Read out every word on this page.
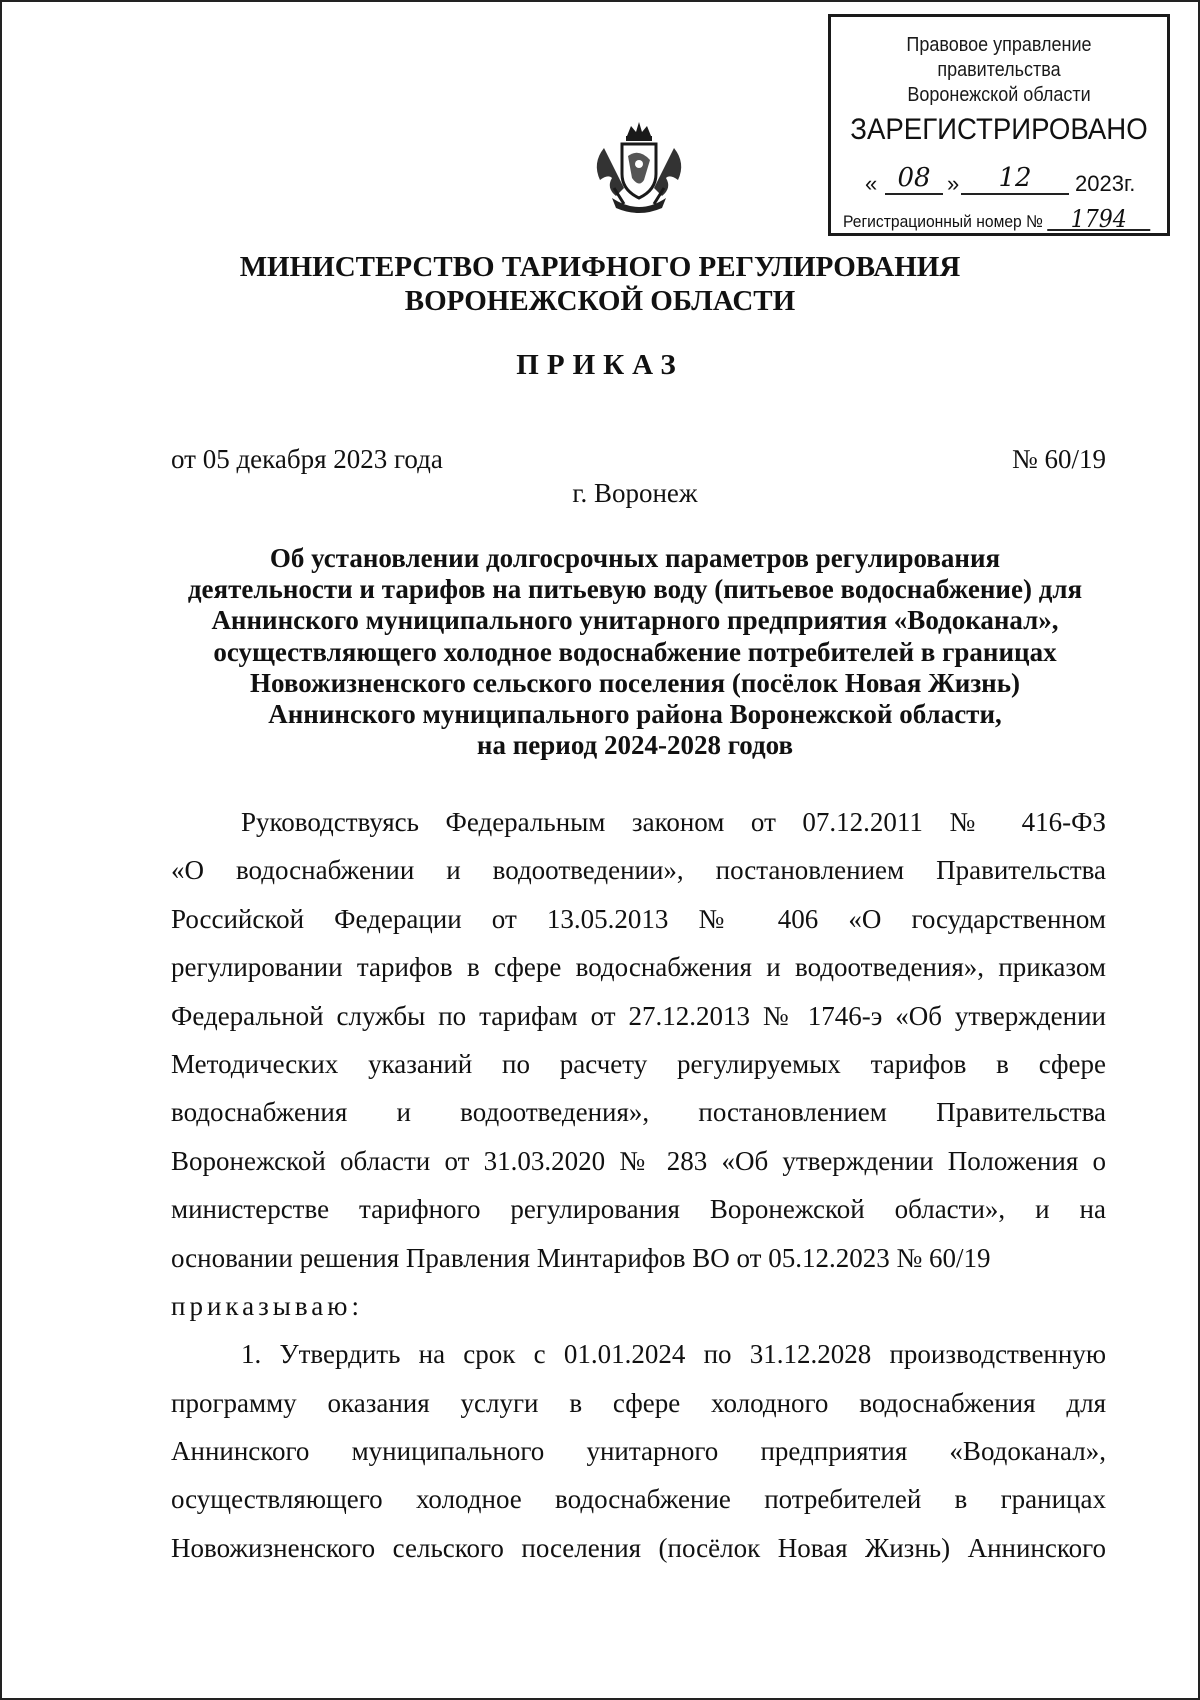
Правовое управление правительства
Воронежской области
ЗАРЕГИСТРИРОВАНО
« 08 »	12	2023г.
Регистрационный номер № 1794
МИНИСТЕРСТВО ТАРИФНОГО РЕГУЛИРОВАНИЯ
ВОРОНЕЖСКОЙ ОБЛАСТИ
ПРИКАЗ
от 05 декабря 2023 года	№ 60/19
г. Воронеж
Об установлении долгосрочных параметров регулирования
деятельности и тарифов на питьевую воду (питьевое водоснабжение) для
Аннинского муниципального унитарного предприятия «Водоканал»,
осуществляющего холодное водоснабжение потребителей в границах
Новожизненского сельского поселения (посёлок Новая Жизнь)
Аннинского муниципального района Воронежской области,
на период 2024-2028 годов
Руководствуясь Федеральным законом от 07.12.2011 № 416-ФЗ
«О водоснабжении и водоотведении», постановлением Правительства
Российской Федерации от 13.05.2013 № 406 «О государственном
регулировании тарифов в сфере водоснабжения и водоотведения», приказом
Федеральной службы по тарифам от 27.12.2013 № 1746-э «Об утверждении
Методических указаний по расчету регулируемых тарифов в сфере
водоснабжения и водоотведения», постановлением Правительства
Воронежской области от 31.03.2020 № 283 «Об утверждении Положения о
министерстве тарифного регулирования Воронежской области», и на
основании решения Правления Минтарифов ВО от 05.12.2023 № 60/19
приказываю:
1. Утвердить на срок с 01.01.2024 по 31.12.2028 производственную
программу оказания услуги в сфере холодного водоснабжения для
Аннинского муниципального унитарного предприятия «Водоканал»,
осуществляющего холодное водоснабжение потребителей в границах
Новожизненского сельского поселения (посёлок Новая Жизнь) Аннинского
